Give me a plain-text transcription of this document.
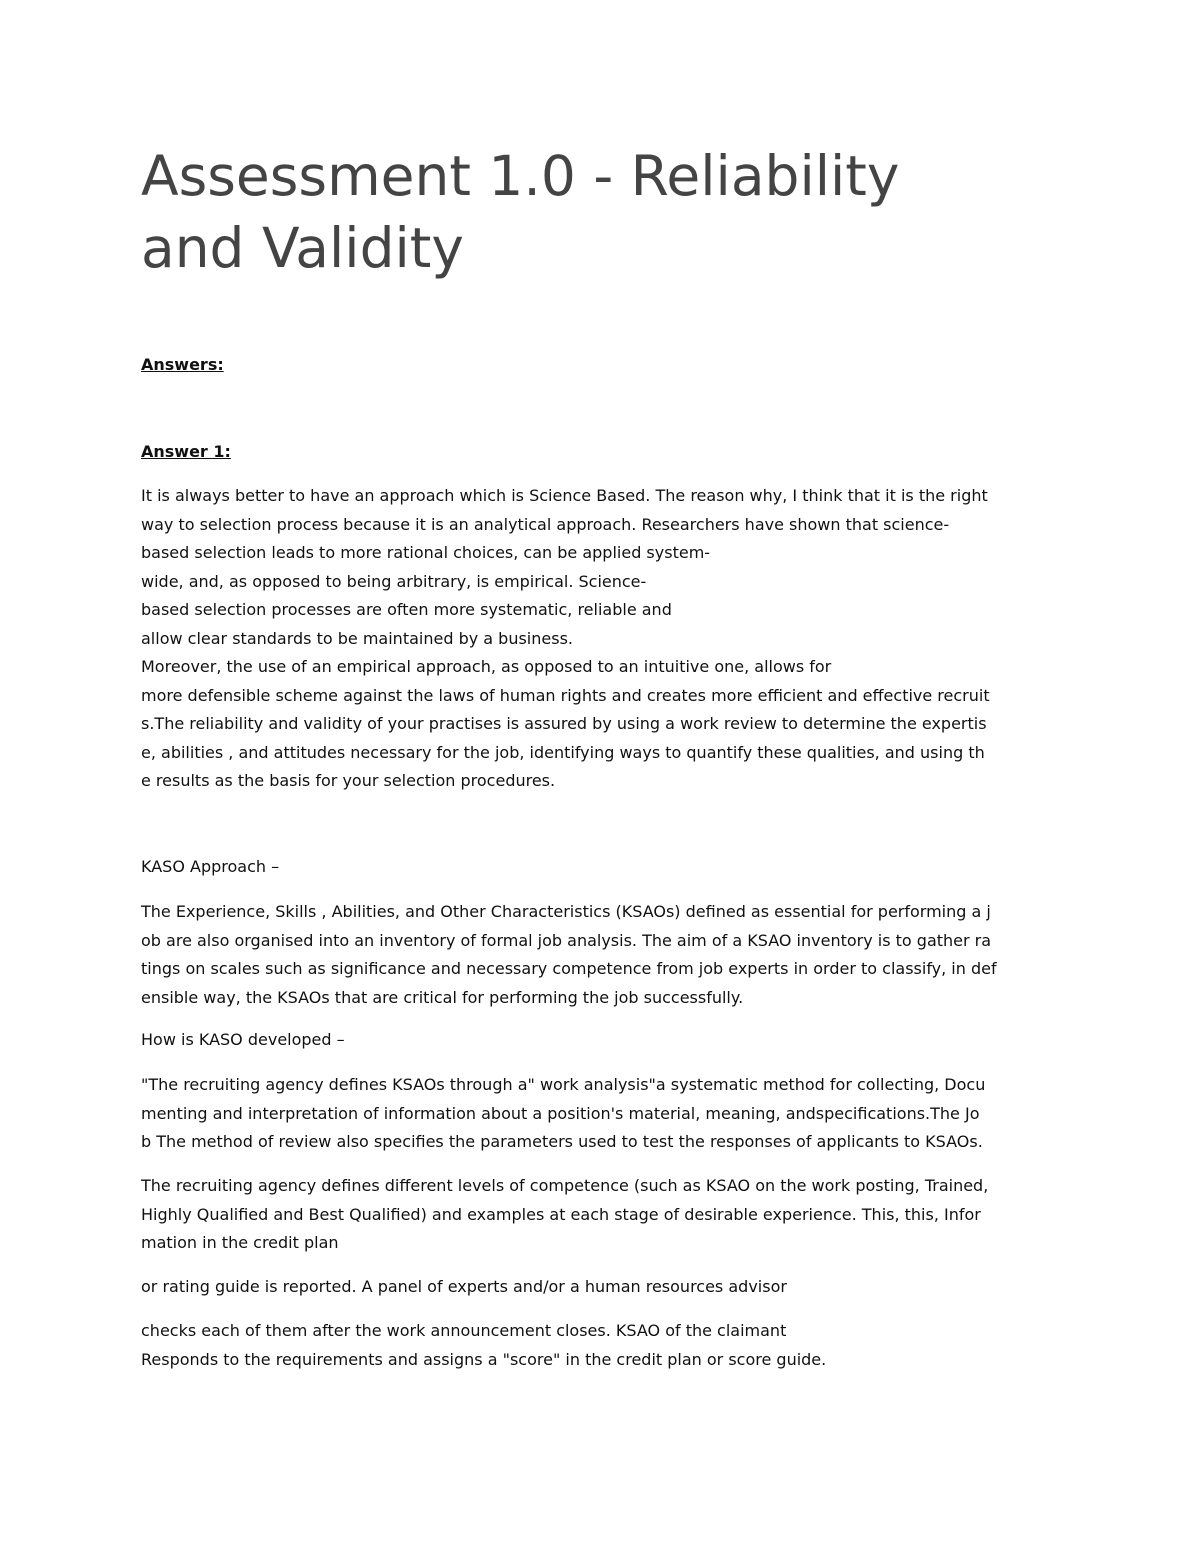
Assessment 1.0 - Reliability
and Validity
Answers:
Answer 1:
It is always better to have an approach which is Science Based. The reason why, I think that it is the right
way to selection process because it is an analytical approach. Researchers have shown that science-
based selection leads to more rational choices, can be applied system-
wide, and, as opposed to being arbitrary, is empirical. Science-
based selection processes are often more systematic, reliable and
allow clear standards to be maintained by a business.
Moreover, the use of an empirical approach, as opposed to an intuitive one, allows for
more defensible scheme against the laws of human rights and creates more efficient and effective recruit
s.The reliability and validity of your practises is assured by using a work review to determine the expertis
e, abilities , and attitudes necessary for the job, identifying ways to quantify these qualities, and using th
e results as the basis for your selection procedures.
KASO Approach –
The Experience, Skills , Abilities, and Other Characteristics (KSAOs) defined as essential for performing a j
ob are also organised into an inventory of formal job analysis. The aim of a KSAO inventory is to gather ra
tings on scales such as significance and necessary competence from job experts in order to classify, in def
ensible way, the KSAOs that are critical for performing the job successfully.
How is KASO developed –
"The recruiting agency defines KSAOs through a" work analysis"a systematic method for collecting, Docu
menting and interpretation of information about a position's material, meaning, andspecifications.The Jo
b The method of review also specifies the parameters used to test the responses of applicants to KSAOs.
The recruiting agency defines different levels of competence (such as KSAO on the work posting, Trained,
Highly Qualified and Best Qualified) and examples at each stage of desirable experience. This, this, Infor
mation in the credit plan
or rating guide is reported. A panel of experts and/or a human resources advisor
checks each of them after the work announcement closes. KSAO of the claimant
Responds to the requirements and assigns a "score" in the credit plan or score guide.
